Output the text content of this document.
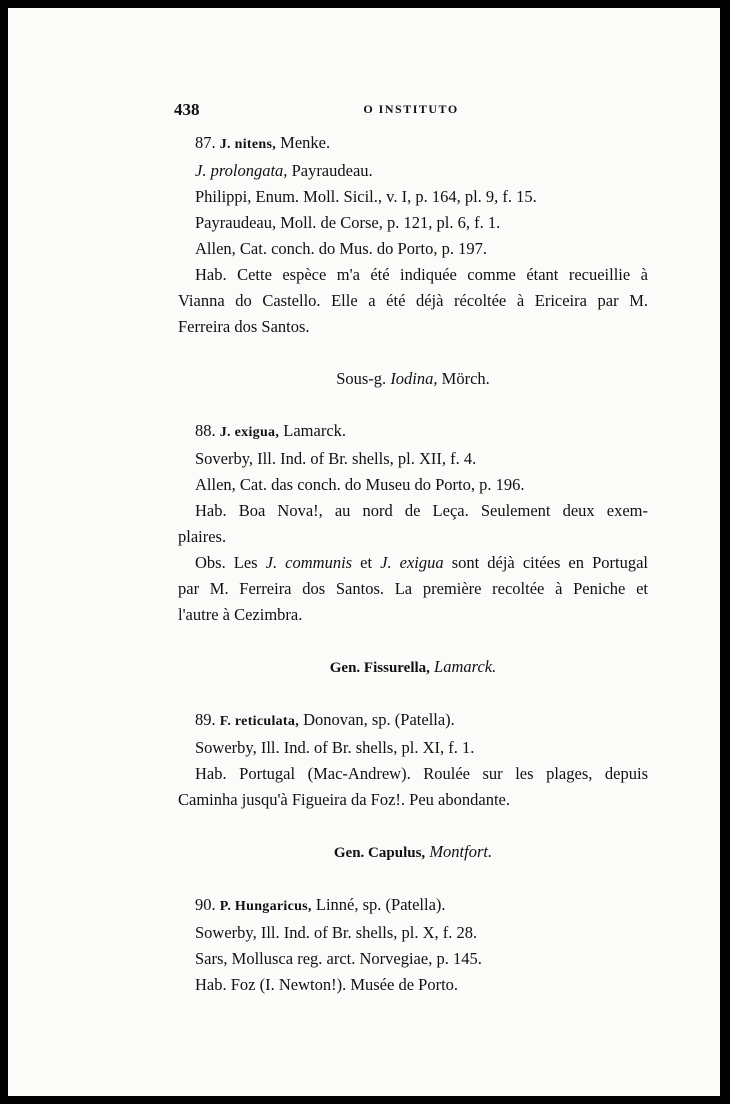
438	O INSTITUTO
87. J. nitens, Menke.
J. prolongata, Payraudeau.
Philippi, Enum. Moll. Sicil., v. I, p. 164, pl. 9, f. 15.
Payraudeau, Moll. de Corse, p. 121, pl. 6, f. 1.
Allen, Cat. conch. do Mus. do Porto, p. 197.
Hab. Cette espèce m'a été indiquée comme étant recueillie à
Vianna do Castello. Elle a été déjà récoltée à Ericeira par M.
Ferreira dos Santos.
Sous-g. Iodina, Mörch.
88. J. exigua, Lamarck.
Soverby, Ill. Ind. of Br. shells, pl. XII, f. 4.
Allen, Cat. das conch. do Museu do Porto, p. 196.
Hab. Boa Nova!, au nord de Leça. Seulement deux exem-
plaires.
Obs. Les J. communis et J. exigua sont déjà citées en Portugal
par M. Ferreira dos Santos. La première recoltée à Peniche et
l'autre à Cezimbra.
Gen. Fissurella, Lamarck.
89. F. reticulata, Donovan, sp. (Patella).
Sowerby, Ill. Ind. of Br. shells, pl. XI, f. 1.
Hab. Portugal (Mac-Andrew). Roulée sur les plages, depuis
Caminha jusqu'à Figueira da Foz!. Peu abondante.
Gen. Capulus, Montfort.
90. P. Hungaricus, Linné, sp. (Patella).
Sowerby, Ill. Ind. of Br. shells, pl. X, f. 28.
Sars, Mollusca reg. arct. Norvegiae, p. 145.
Hab. Foz (I. Newton!). Musée de Porto.
